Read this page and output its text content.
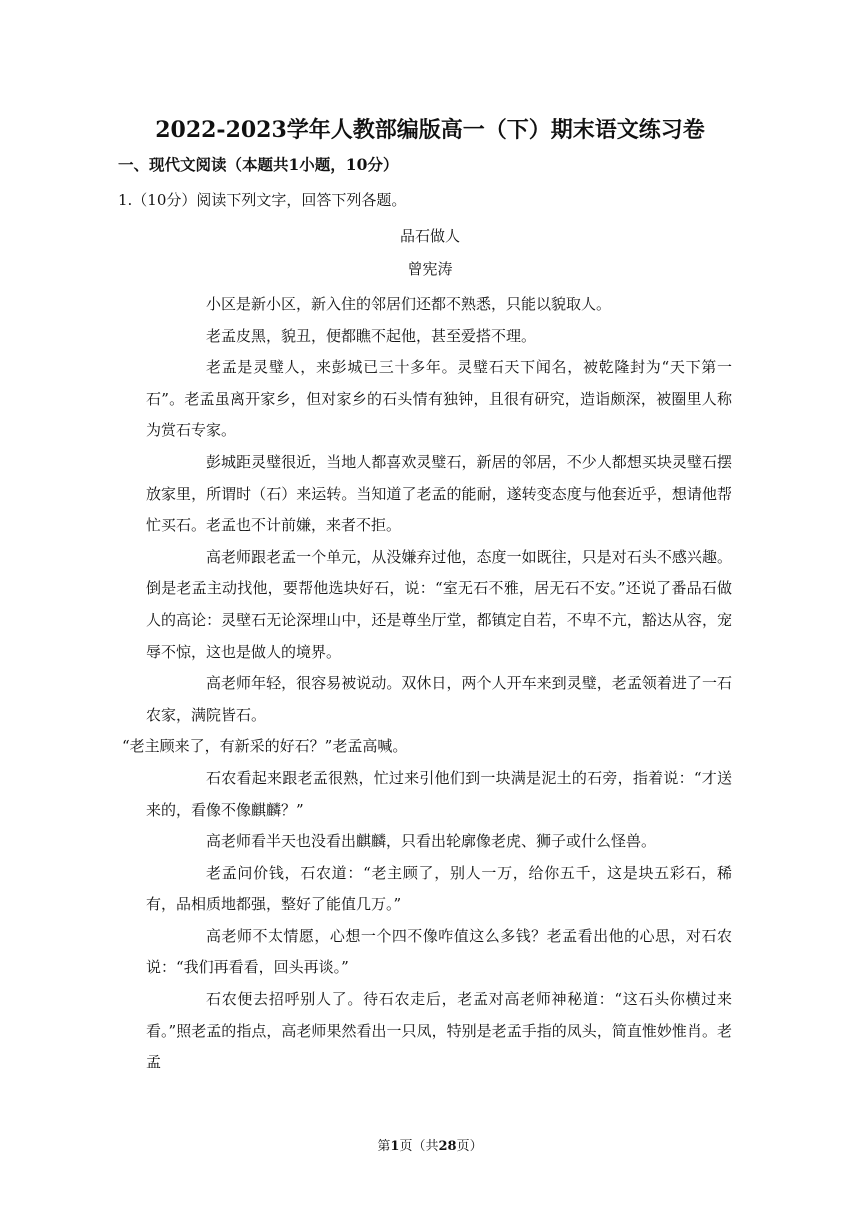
2022-2023学年人教部编版高一（下）期末语文练习卷
一、现代文阅读（本题共1小题，10分）
1.（10分）阅读下列文字，回答下列各题。
品石做人
曾宪涛

小区是新小区，新入住的邻居们还都不熟悉，只能以貌取人。

老孟皮黑，貌丑，便都瞧不起他，甚至爱搭不理。

老孟是灵璧人，来彭城已三十多年。灵璧石天下闻名，被乾隆封为“天下第一石”。老孟虽离开家乡，但对家乡的石头情有独钟，且很有研究，造诣颇深，被圈里人称为赏石专家。

彭城距灵璧很近，当地人都喜欢灵璧石，新居的邻居，不少人都想买块灵璧石摆放家里，所谓时（石）来运转。当知道了老孟的能耐，遂转变态度与他套近乎，想请他帮忙买石。老孟也不计前嫌，来者不拒。

高老师跟老孟一个单元，从没嫌弃过他，态度一如既往，只是对石头不感兴趣。倒是老孟主动找他，要帮他选块好石，说：“室无石不雅，居无石不安。”还说了番品石做人的高论：灵壁石无论深埋山中，还是尊坐厅堂，都镇定自若，不卑不亢，豁达从容，宠辱不惊，这也是做人的境界。

高老师年轻，很容易被说动。双休日，两个人开车来到灵璧，老孟领着进了一石农家，满院皆石。

“老主顾来了，有新采的好石？”老孟高喊。

石农看起来跟老孟很熟，忙过来引他们到一块满是泥土的石旁，指着说：“才送来的，看像不像麒麟？”

高老师看半天也没看出麒麟，只看出轮廓像老虎、狮子或什么怪兽。

老孟问价钱，石农道：“老主顾了，别人一万，给你五千，这是块五彩石，稀有，品相质地都强，整好了能值几万。”

高老师不太情愿，心想一个四不像咋值这么多钱？老孟看出他的心思，对石农说：“我们再看看，回头再谈。”

石农便去招呼别人了。待石农走后，老孟对高老师神秘道：“这石头你横过来看。”照老孟的指点，高老师果然看出一只凤，特别是老孟手指的凤头，简直惟妙惟肖。老孟

第1页（共28页）
